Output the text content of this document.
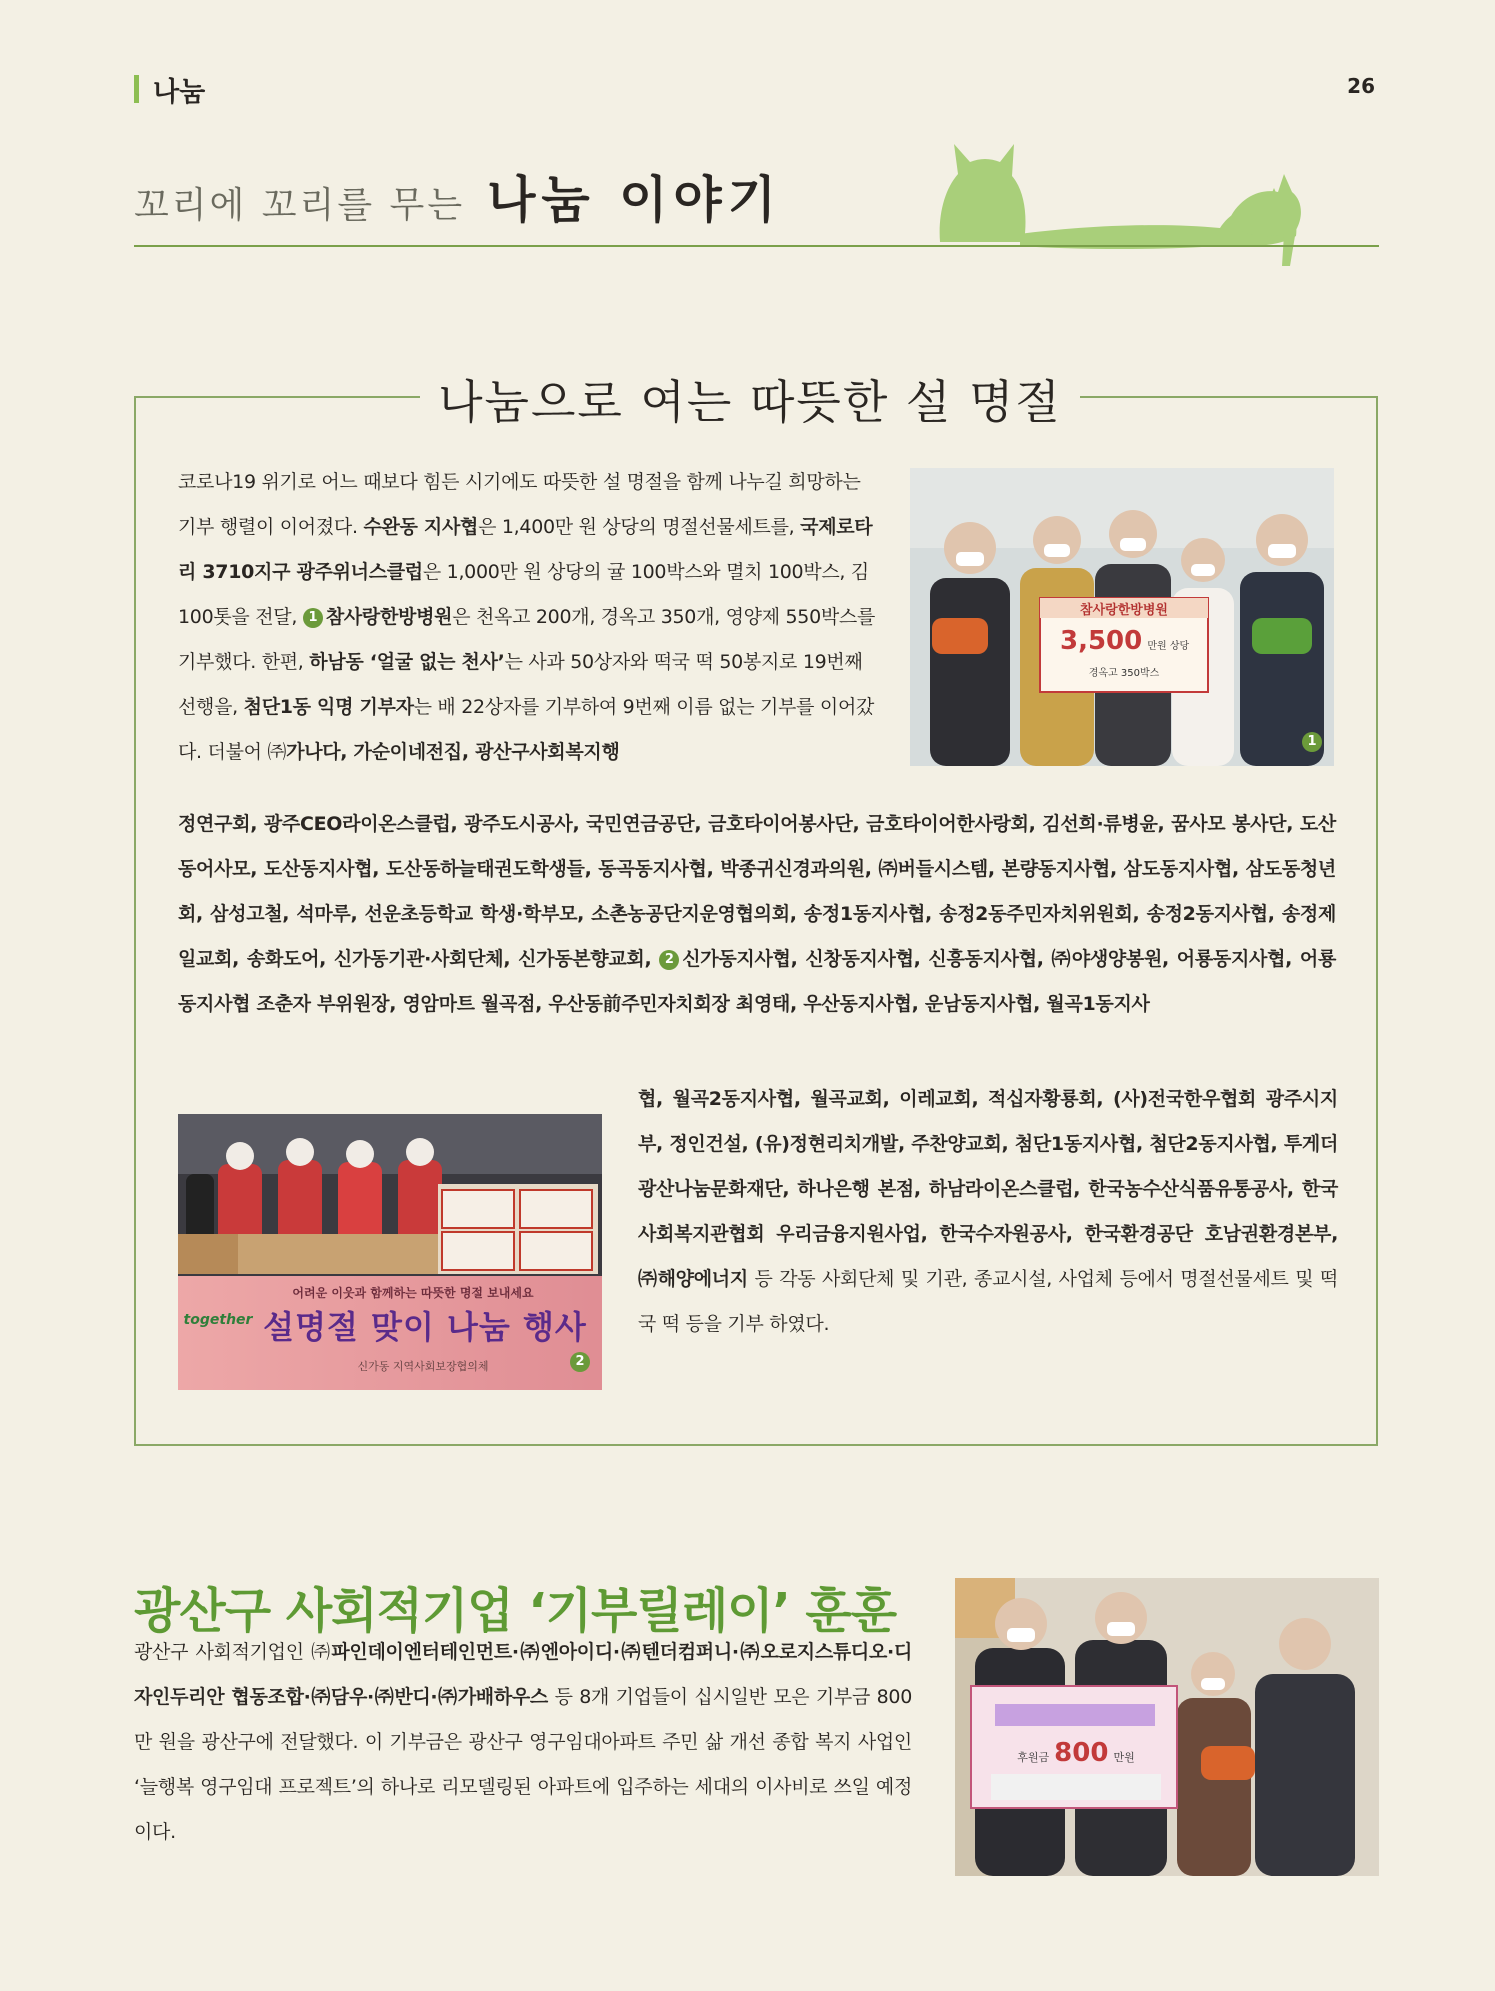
나눔	26
꼬리에 꼬리를 무는 나눔 이야기
나눔으로 여는 따뜻한 설 명절
코로나19 위기로 어느 때보다 힘든 시기에도 따뜻한 설 명절을 함께 나누길 희망하는 기부 행렬이 이어졌다. 수완동 지사협은 1,400만 원 상당의 명절선물세트를, 국제로타리 3710지구 광주위너스클럽은 1,000만 원 상당의 귤 100박스와 멸치 100박스, 김 100톳을 전달, 1 참사랑한방병원은 천옥고 200개, 경옥고 350개, 영양제 550박스를 기부했다. 한편, 하남동 ‘얼굴 없는 천사’는 사과 50상자와 떡국 떡 50봉지로 19번째 선행을, 첨단1동 익명 기부자는 배 22상자를 기부하여 9번째 이름 없는 기부를 이어갔다. 더불어 ㈜가나다, 가순이네전집, 광산구사회복지행
정연구회, 광주CEO라이온스클럽, 광주도시공사, 국민연금공단, 금호타이어봉사단, 금호타이어한사랑회, 김선희·류병윤, 꿈사모 봉사단, 도산동어사모, 도산동지사협, 도산동하늘태권도학생들, 동곡동지사협, 박종귀신경과의원, ㈜버들시스템, 본량동지사협, 삼도동지사협, 삼도동청년회, 삼성고철, 석마루, 선운초등학교 학생·학부모, 소촌농공단지운영협의회, 송정1동지사협, 송정2동주민자치위원회, 송정2동지사협, 송정제일교회, 송화도어, 신가동기관·사회단체, 신가동본향교회, 2 신가동지사협, 신창동지사협, 신흥동지사협, ㈜야생양봉원, 어룡동지사협, 어룡동지사협 조춘자 부위원장, 영암마트 월곡점, 우산동前주민자치회장 최영태, 우산동지사협, 운남동지사협, 월곡1동지사
협, 월곡2동지사협, 월곡교회, 이레교회, 적십자황룡회, (사)전국한우협회 광주시지부, 정인건설, (유)정현리치개발, 주찬양교회, 첨단1동지사협, 첨단2동지사협, 투게더광산나눔문화재단, 하나은행 본점, 하남라이온스클럽, 한국농수산식품유통공사, 한국사회복지관협회 우리금융지원사업, 한국수자원공사, 한국환경공단 호남권환경본부, ㈜해양에너지 등 각동 사회단체 및 기관, 종교시설, 사업체 등에서 명절선물세트 및 떡국 떡 등을 기부 하였다.
참사랑한방병원
3,500 만원 상당
경옥고 350박스
1
어려운 이웃과 함께하는 따뜻한 명절 보내세요
together 설명절 맞이 나눔 행사
신가동 지역사회보장협의체	2
광산구 사회적기업 ‘기부릴레이’ 훈훈
광산구 사회적기업인 ㈜파인데이엔터테인먼트·㈜엔아이디·㈜텐더컴퍼니·㈜오로지스튜디오·디자인두리안 협동조합·㈜담우·㈜반디·㈜가배하우스 등 8개 기업들이 십시일반 모은 기부금 800만 원을 광산구에 전달했다. 이 기부금은 광산구 영구임대아파트 주민 삶 개선 종합 복지 사업인 ‘늘행복 영구임대 프로젝트’의 하나로 리모델링된 아파트에 입주하는 세대의 이사비로 쓰일 예정이다.
후원금 800 만원
